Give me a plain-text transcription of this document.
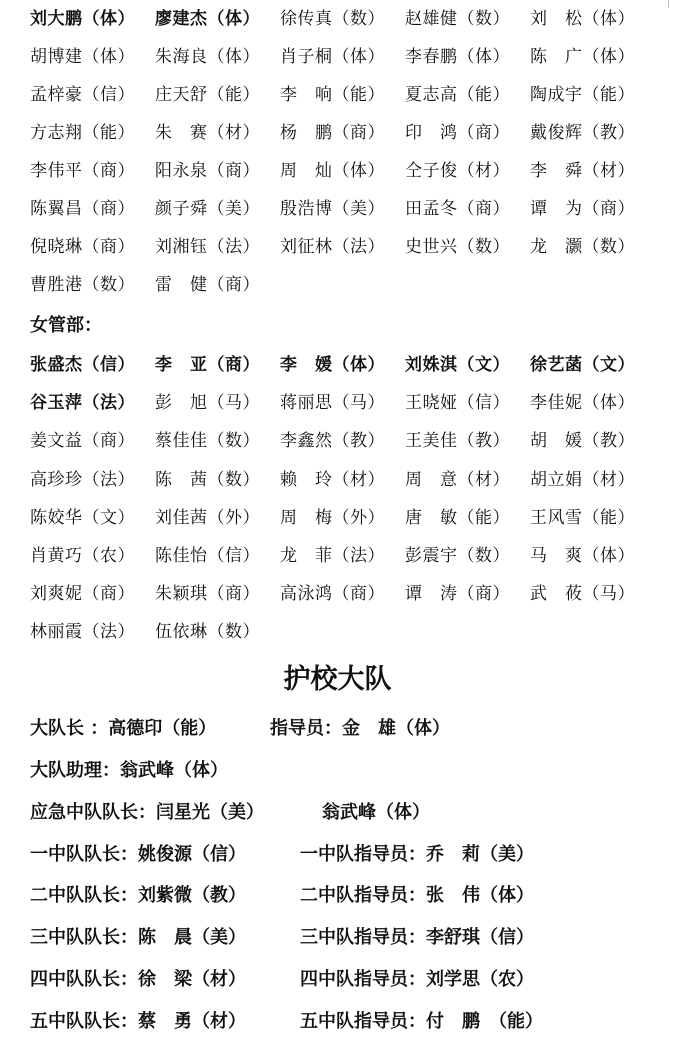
刘大鹏（体） 廖建杰（体） 徐传真（数） 赵雄健（数） 刘　松（体）
胡博建（体） 朱海良（体） 肖子桐（体） 李春鹏（体） 陈　广（体）
孟梓豪（信） 庄天舒（能） 李　响（能） 夏志高（能） 陶成宇（能）
方志翔（能） 朱　赛（材） 杨　鹏（商） 印　鸿（商） 戴俊辉（教）
李伟平（商） 阳永泉（商） 周　灿（体） 仝子俊（材） 李　舜（材）
陈翼昌（商） 颜子舜（美） 殷浩博（美） 田孟冬（商） 谭　为（商）
倪晓琳（商） 刘湘钰（法） 刘征林（法） 史世兴（数） 龙　灏（数）
曹胜港（数） 雷　健（商）
女管部：
张盛杰（信） 李　亚（商） 李　媛（体） 刘姝淇（文） 徐艺菡（文）
谷玉萍（法） 彭　旭（马） 蒋丽思（马） 王晓娅（信） 李佳妮（体）
姜文益（商） 蔡佳佳（数） 李鑫然（教） 王美佳（教） 胡　媛（教）
高珍珍（法） 陈　茜（数） 赖　玲（材） 周　意（材） 胡立娟（材）
陈姣华（文） 刘佳茜（外） 周　梅（外） 唐　敏（能） 王风雪（能）
肖黄巧（农） 陈佳怡（信） 龙　菲（法） 彭震宇（数） 马　爽（体）
刘爽妮（商） 朱颖琪（商） 高泳鸿（商） 谭　涛（商） 武　莜（马）
林丽霞（法） 伍依琳（数）
护校大队
大队长 ：高德印（能）	指导员：金　雄（体）
大队助理：翁武峰（体）
应急中队队长：闫星光（美）	翁武峰（体）
一中队队长：姚俊源（信）	一中队指导员：乔　莉（美）
二中队队长：刘紫微（教）	二中队指导员：张　伟（体）
三中队队长：陈　晨（美）	三中队指导员：李舒琪（信）
四中队队长：徐　梁（材）	四中队指导员：刘学思（农）
五中队队长：蔡　勇（材）	五中队指导员：付　鹏　（能）
